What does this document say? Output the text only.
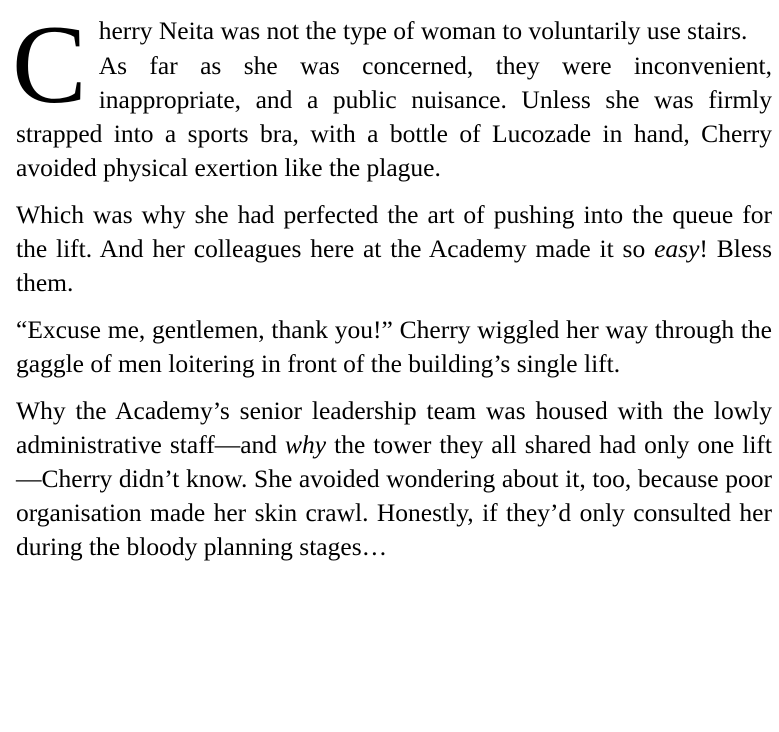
Cherry Neita was not the type of woman to voluntarily use stairs.

As far as she was concerned, they were inconvenient, inappropriate, and a public nuisance. Unless she was firmly strapped into a sports bra, with a bottle of Lucozade in hand, Cherry avoided physical exertion like the plague.

Which was why she had perfected the art of pushing into the queue for the lift. And her colleagues here at the Academy made it so easy! Bless them.

“Excuse me, gentlemen, thank you!” Cherry wiggled her way through the gaggle of men loitering in front of the building’s single lift.

Why the Academy’s senior leadership team was housed with the lowly administrative staff—and why the tower they all shared had only one lift—Cherry didn’t know. She avoided wondering about it, too, because poor organisation made her skin crawl. Honestly, if they’d only consulted her during the bloody planning stages…
